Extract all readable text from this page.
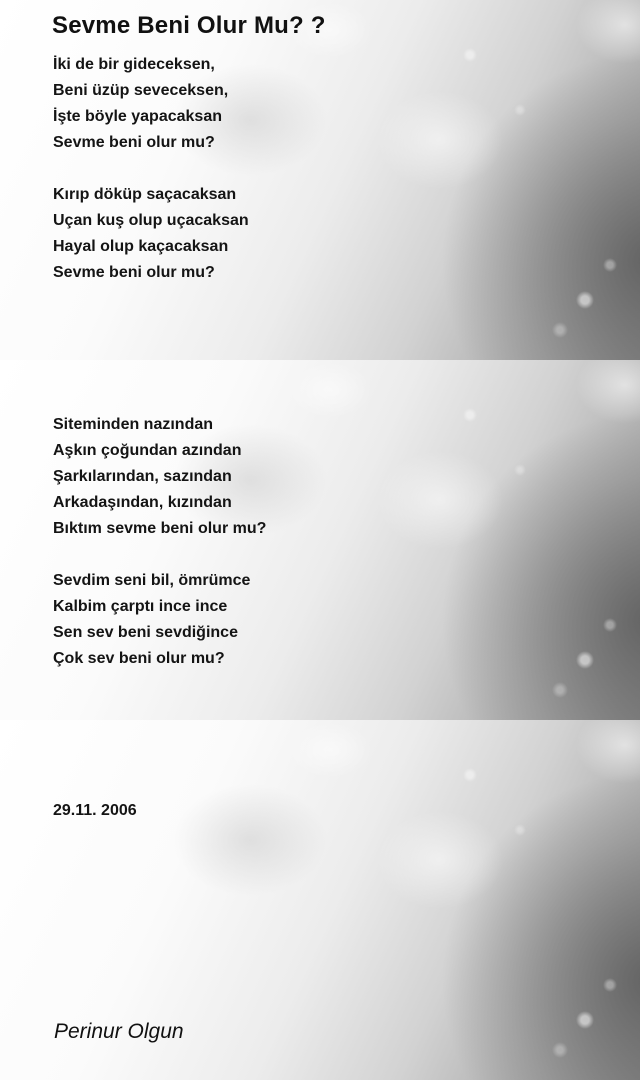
Sevme Beni Olur Mu? ?
İki de bir gideceksen,
Beni üzüp seveceksen,
İşte böyle yapacaksan
Sevme beni olur mu?
Kırıp döküp saçacaksan
Uçan kuş olup uçacaksan
Hayal olup kaçacaksan
Sevme beni olur mu?
Siteminden nazından
Aşkın çoğundan azından
Şarkılarından, sazından
Arkadaşından, kızından
Bıktım sevme beni olur mu?
Sevdim seni bil, ömrümce
Kalbim çarptı ince ince
Sen sev beni sevdiğince
Çok sev beni olur mu?
29.11. 2006
Perinur Olgun
